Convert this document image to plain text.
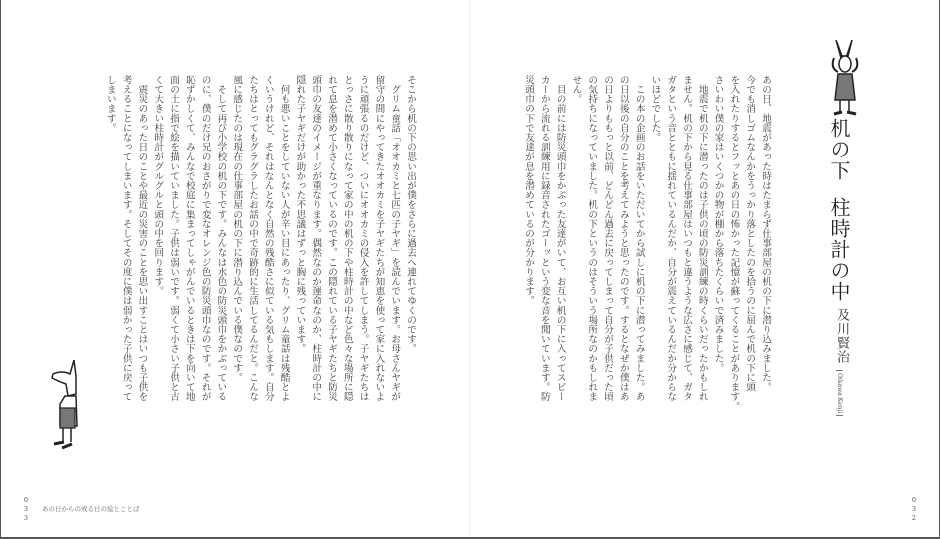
机の下柱時計の中
及川賢治
Oikawa Kenji
あの日、地震があった時はたまらず仕事部屋の机の下に潜り込みました。
今でも消しゴムなんかをうっかり落としたのを拾うのに屈んで机の下に頭
を入れたりするとフッとあの日の怖かった記憶が蘇ってくることがあります。
さいわい僕の家はいくつかの物が棚から落ちたくらいで済みました。
　地震で机の下に潜ったのは子供の頃の防災訓練の時くらいだったかもしれ
ません。机の下から見る仕事部屋はいつもと違うような広さに感じて、ガタ
ガタという音とともに揺れているんだか、自分が震えているんだか分からな
いほどでした。
　この本の企画のお話をいただいてから試しに机の下に潜ってみました。あ
の日以後の自分のことを考えてみようと思ったのです。するとなぜか僕はあ
の日よりももっと以前、どんどん過去に戻ってしまって自分が子供だった頃
の気持ちになっていました。机の下というのはそういう場所なのかもしれま
せん。
　目の前には防災頭巾をかぶった友達がいて、お互い机の下に入ってスピー
カーから流れる訓練用に録音されたゴーッという変な音を聞いています。防
災頭巾の下で友達が息を潜めているのが分かります。
032
そこから机の下の思い出が僕をさらに過去へ連れてゆくのです。
　グリム童話「オオカミと七匹の子ヤギ」を読んでいます。お母さんヤギが
留守の間にやってきたオオカミを子ヤギたちが知恵を使って家に入れないよ
うに頑張るのだけど、ついにオオカミの侵入を許してしまう。子ヤギたちは
とっさに散り散りになって家の中の机の下や柱時計の中など色々な場所に隠
れて息を潜めて小さくなっているのです。この隠れている子ヤギたちと防災
頭巾の友達のイメージが重なります。偶然なのか運命なのか、柱時計の中に
隠れた子ヤギだけが助かった不思議はずっと胸に残っています。
　何も悪いことをしていない人が辛い目にあったり、グリム童話は残酷とよ
くいうけれど、それはなんとなく自然の残酷さに似ている気もします。自分
たちはとってもグラグラしたお話の中で奇跡的に生活してるんだと。こんな
風に感じたのは現在の仕事部屋の机の下に潜り込んでいる僕なのです。
　そして再び小学校の机の下です。みんなは水色の防災頭巾をかぶっている
のに、僕のだけ兄のおさがりで変なオレンジ色の防災頭巾なのです。それが
恥ずかしくて、みんなで校庭に集まってしゃがんでいるときは下を向いて地
面の土に指で絵を描いていました。子供は弱いです。弱くて小さい子供と古
くて大きい柱時計がグルグルと頭の中を回ります。
　震災のあった日のことや最近の災害のことを思い出すことはいつも子供を
考えることになってしまいます。そしてその度に僕は弱かった子供に戻って
しまいます。
033 あの日からの或る日の絵とことば
